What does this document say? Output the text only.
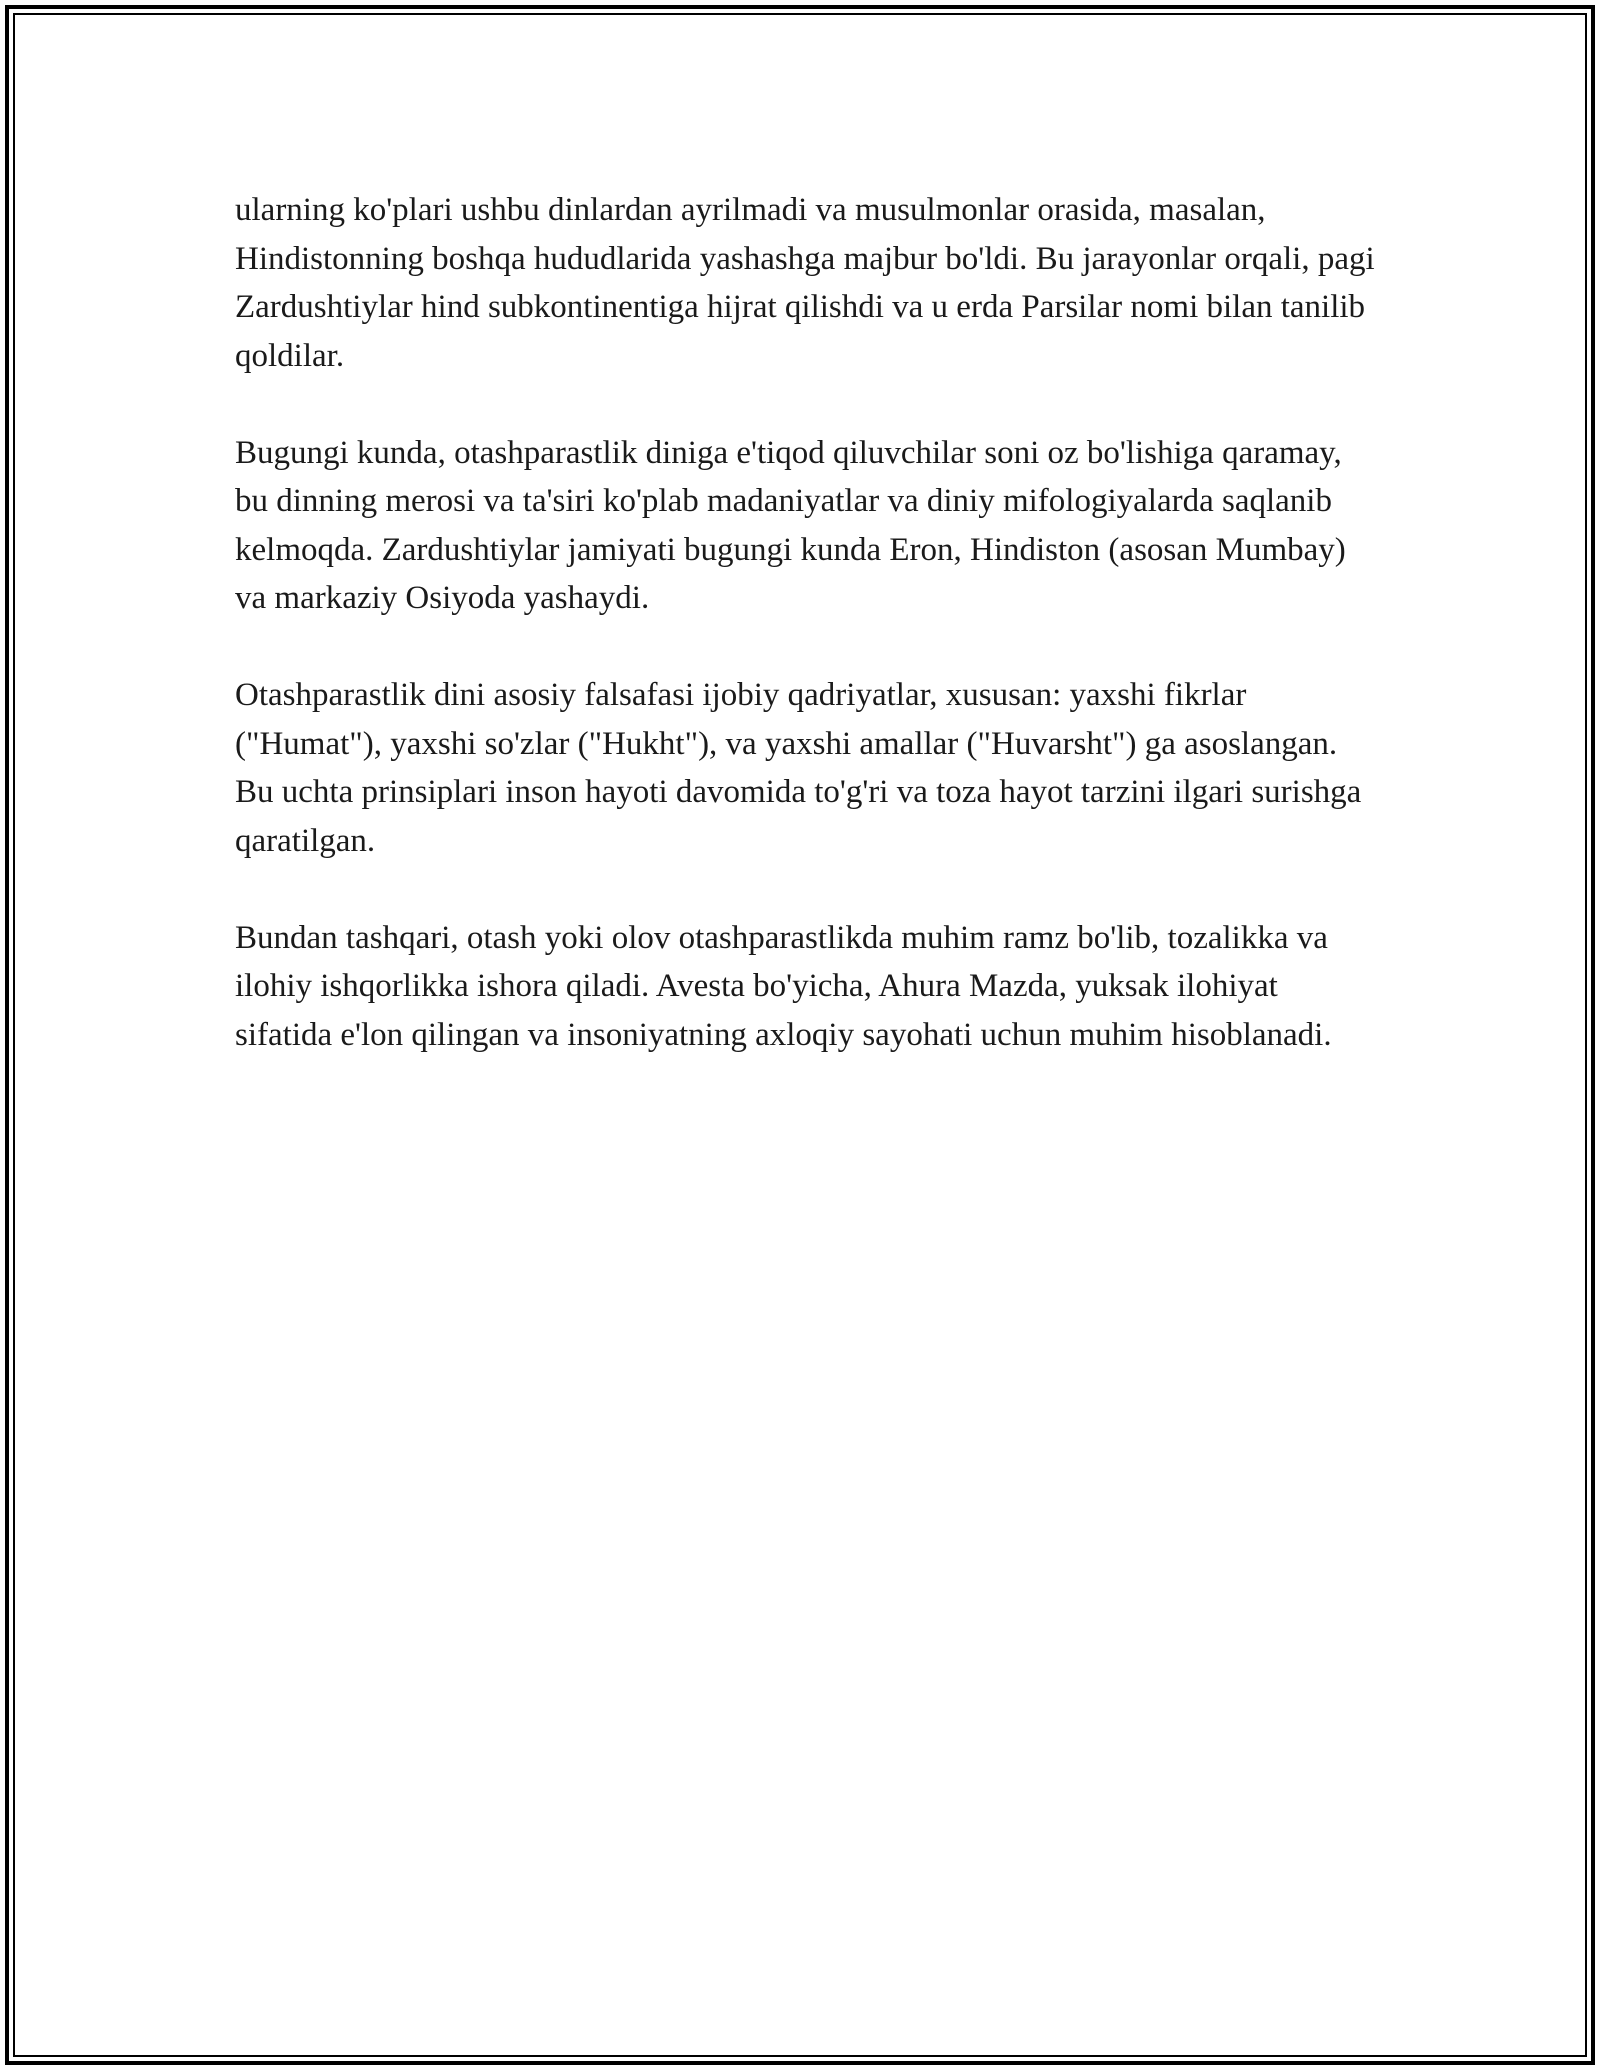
ularning ko'plari ushbu dinlardan ayrilmadi va musulmonlar orasida, masalan, Hindistonning boshqa hududlarida yashashga majbur bo'ldi. Bu jarayonlar orqali, pagi Zardushtiylar hind subkontinentiga hijrat qilishdi va u erda Parsilar nomi bilan tanilib qoldilar.

Bugungi kunda, otashparastlik diniga e'tiqod qiluvchilar soni oz bo'lishiga qaramay, bu dinning merosi va ta'siri ko'plab madaniyatlar va diniy mifologiyalarda saqlanib kelmoqda. Zardushtiylar jamiyati bugungi kunda Eron, Hindiston (asosan Mumbay) va markaziy Osiyoda yashaydi.

Otashparastlik dini asosiy falsafasi ijobiy qadriyatlar, xususan: yaxshi fikrlar ("Humat"), yaxshi so'zlar ("Hukht"), va yaxshi amallar ("Huvarsht") ga asoslangan. Bu uchta prinsiplari inson hayoti davomida to'g'ri va toza hayot tarzini ilgari surishga qaratilgan.

Bundan tashqari, otash yoki olov otashparastlikda muhim ramz bo'lib, tozalikka va ilohiy ishqorlikka ishora qiladi. Avesta bo'yicha, Ahura Mazda, yuksak ilohiyat sifatida e'lon qilingan va insoniyatning axloqiy sayohati uchun muhim hisoblanadi.
